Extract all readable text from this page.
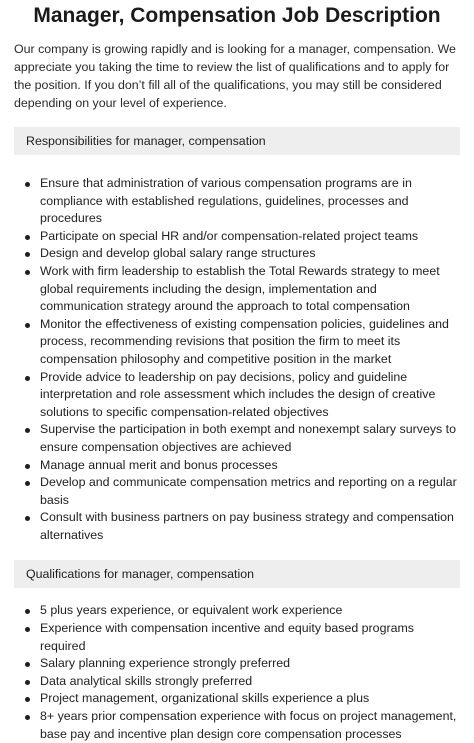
Manager, Compensation Job Description

Our company is growing rapidly and is looking for a manager, compensation. We appreciate you taking the time to review the list of qualifications and to apply for the position. If you don’t fill all of the qualifications, you may still be considered depending on your level of experience.

Responsibilities for manager, compensation
Ensure that administration of various compensation programs are in compliance with established regulations, guidelines, processes and procedures
Participate on special HR and/or compensation-related project teams
Design and develop global salary range structures
Work with firm leadership to establish the Total Rewards strategy to meet global requirements including the design, implementation and communication strategy around the approach to total compensation
Monitor the effectiveness of existing compensation policies, guidelines and process, recommending revisions that position the firm to meet its compensation philosophy and competitive position in the market
Provide advice to leadership on pay decisions, policy and guideline interpretation and role assessment which includes the design of creative solutions to specific compensation-related objectives
Supervise the participation in both exempt and nonexempt salary surveys to ensure compensation objectives are achieved
Manage annual merit and bonus processes
Develop and communicate compensation metrics and reporting on a regular basis
Consult with business partners on pay business strategy and compensation alternatives
Qualifications for manager, compensation
5 plus years experience, or equivalent work experience
Experience with compensation incentive and equity based programs required
Salary planning experience strongly preferred
Data analytical skills strongly preferred
Project management, organizational skills experience a plus
8+ years prior compensation experience with focus on project management, base pay and incentive plan design core compensation processes
